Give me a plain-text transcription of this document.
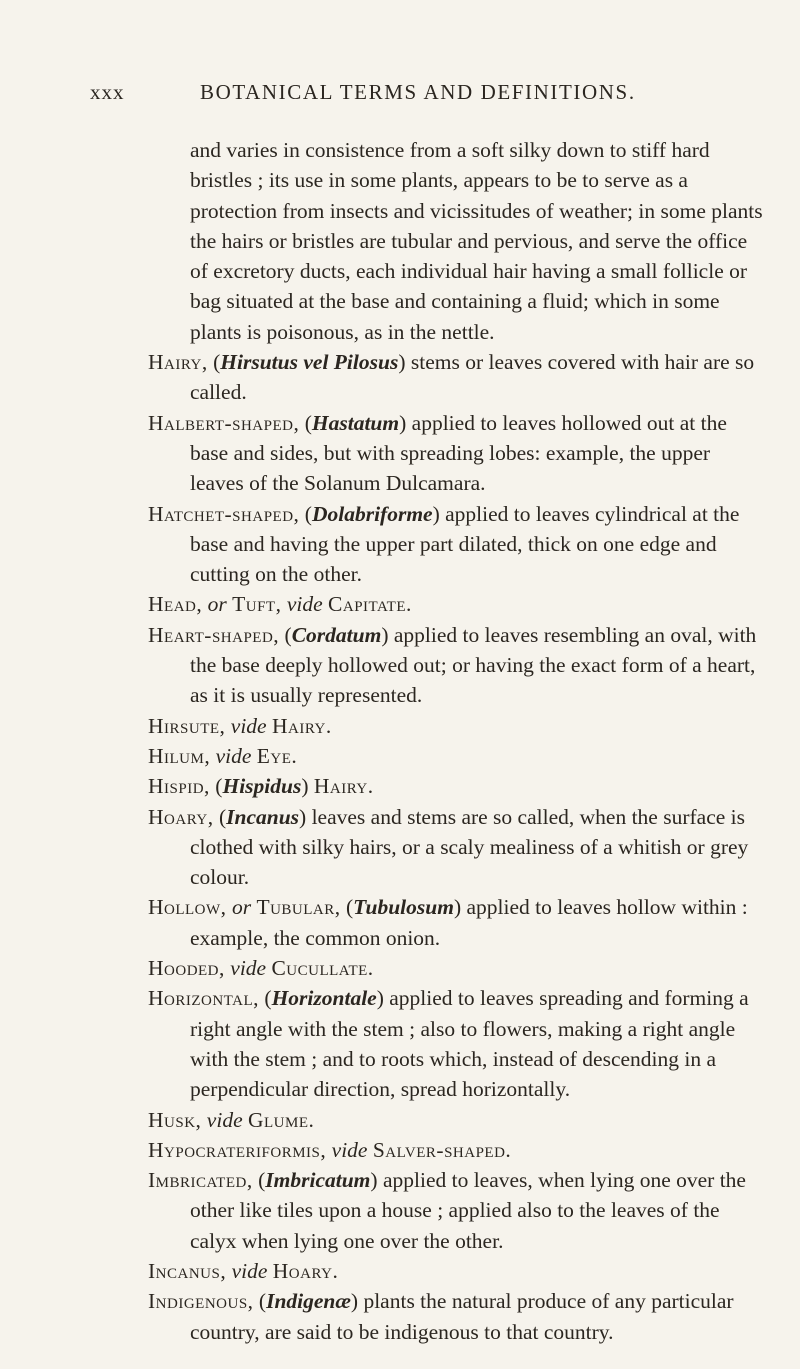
xxx	BOTANICAL TERMS AND DEFINITIONS.

and varies in consistence from a soft silky down to stiff hard bristles ; its use in some plants, appears to be to serve as a protection from insects and vicissitudes of weather; in some plants the hairs or bristles are tubular and pervious, and serve the office of excretory ducts, each individual hair having a small follicle or bag situated at the base and containing a fluid; which in some plants is poisonous, as in the nettle.

Hairy, (Hirsutus vel Pilosus) stems or leaves covered with hair are so called.

Halbert-shaped, (Hastatum) applied to leaves hollowed out at the base and sides, but with spreading lobes: example, the upper leaves of the Solanum Dulcamara.

Hatchet-shaped, (Dolabriforme) applied to leaves cylindrical at the base and having the upper part dilated, thick on one edge and cutting on the other.

Head, or Tuft, vide Capitate.

Heart-shaped, (Cordatum) applied to leaves resembling an oval, with the base deeply hollowed out; or having the exact form of a heart, as it is usually represented.

Hirsute, vide Hairy.

Hilum, vide Eye.

Hispid, (Hispidus) Hairy.

Hoary, (Incanus) leaves and stems are so called, when the surface is clothed with silky hairs, or a scaly mealiness of a whitish or grey colour.

Hollow, or Tubular, (Tubulosum) applied to leaves hollow within : example, the common onion.

Hooded, vide Cucullate.

Horizontal, (Horizontale) applied to leaves spreading and forming a right angle with the stem ; also to flowers, making a right angle with the stem ; and to roots which, instead of descending in a perpendicular direction, spread horizontally.

Husk, vide Glume.

Hypocrateriformis, vide Salver-shaped.

Imbricated, (Imbricatum) applied to leaves, when lying one over the other like tiles upon a house ; applied also to the leaves of the calyx when lying one over the other.

Incanus, vide Hoary.

Indigenous, (Indigenæ) plants the natural produce of any particular country, are said to be indigenous to that country.
